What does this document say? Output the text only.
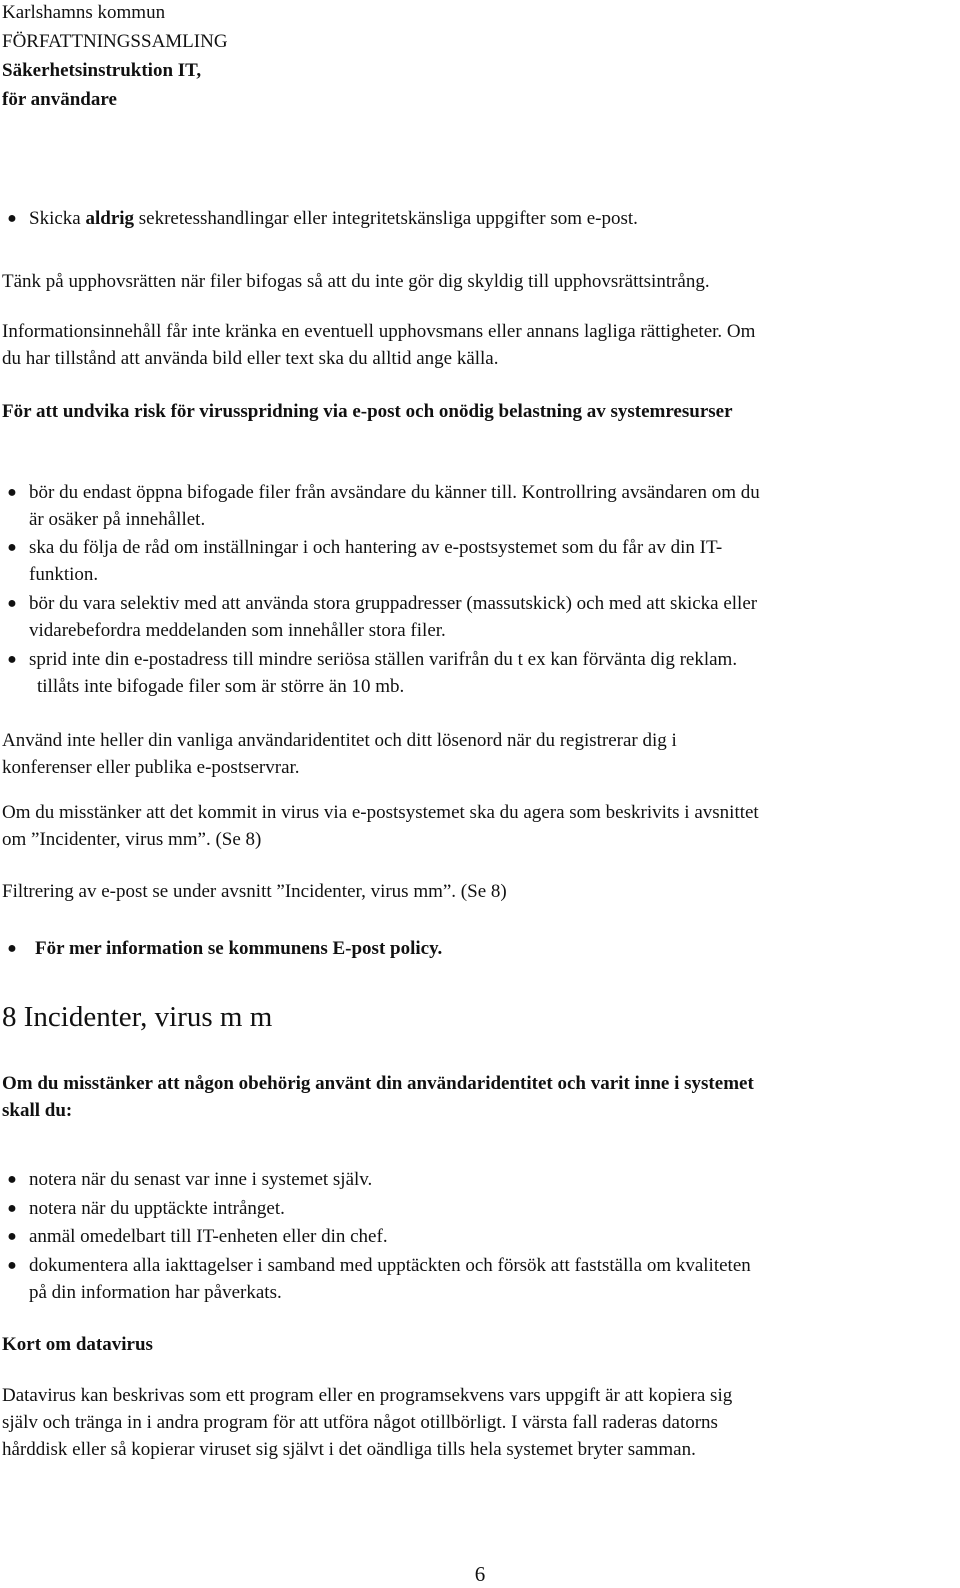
Karlshamns kommun
FÖRFATTNINGSSAMLING
Säkerhetsinstruktion IT,
för användare
● Skicka aldrig sekretesshandlingar eller integritetskänsliga uppgifter som e-post.
Tänk på upphovsrätten när filer bifogas så att du inte gör dig skyldig till upphovsrättsintrång.
Informationsinnehåll får inte kränka en eventuell upphovsmans eller annans lagliga rättigheter. Om
du har tillstånd att använda bild eller text ska du alltid ange källa.
För att undvika risk för virusspridning via e-post och onödig belastning av systemresurser
● bör du endast öppna bifogade filer från avsändare du känner till. Kontrollring avsändaren om du
är osäker på innehållet.
● ska du följa de råd om inställningar i och hantering av e-postsystemet som du får av din IT-
funktion.
● bör du vara selektiv med att använda stora gruppadresser (massutskick) och med att skicka eller
vidarebefordra meddelanden som innehåller stora filer.
● sprid inte din e-postadress till mindre seriösa ställen varifrån du t ex kan förvänta dig reklam.
tillåts inte bifogade filer som är större än 10 mb.
Använd inte heller din vanliga användaridentitet och ditt lösenord när du registrerar dig i
konferenser eller publika e-postservrar.
Om du misstänker att det kommit in virus via e-postsystemet ska du agera som beskrivits i avsnittet
om ”Incidenter, virus mm”. (Se 8)
Filtrering av e-post se under avsnitt ”Incidenter, virus mm”. (Se 8)
● För mer information se kommunens E-post policy.
8 Incidenter, virus m m
Om du misstänker att någon obehörig använt din användaridentitet och varit inne i systemet
skall du:
● notera när du senast var inne i systemet själv.
● notera när du upptäckte intrånget.
● anmäl omedelbart till IT-enheten eller din chef.
● dokumentera alla iakttagelser i samband med upptäckten och försök att fastställa om kvaliteten
på din information har påverkats.
Kort om datavirus
Datavirus kan beskrivas som ett program eller en programsekvens vars uppgift är att kopiera sig
själv och tränga in i andra program för att utföra något otillbörligt. I värsta fall raderas datorns
hårddisk eller så kopierar viruset sig självt i det oändliga tills hela systemet bryter samman.
6
